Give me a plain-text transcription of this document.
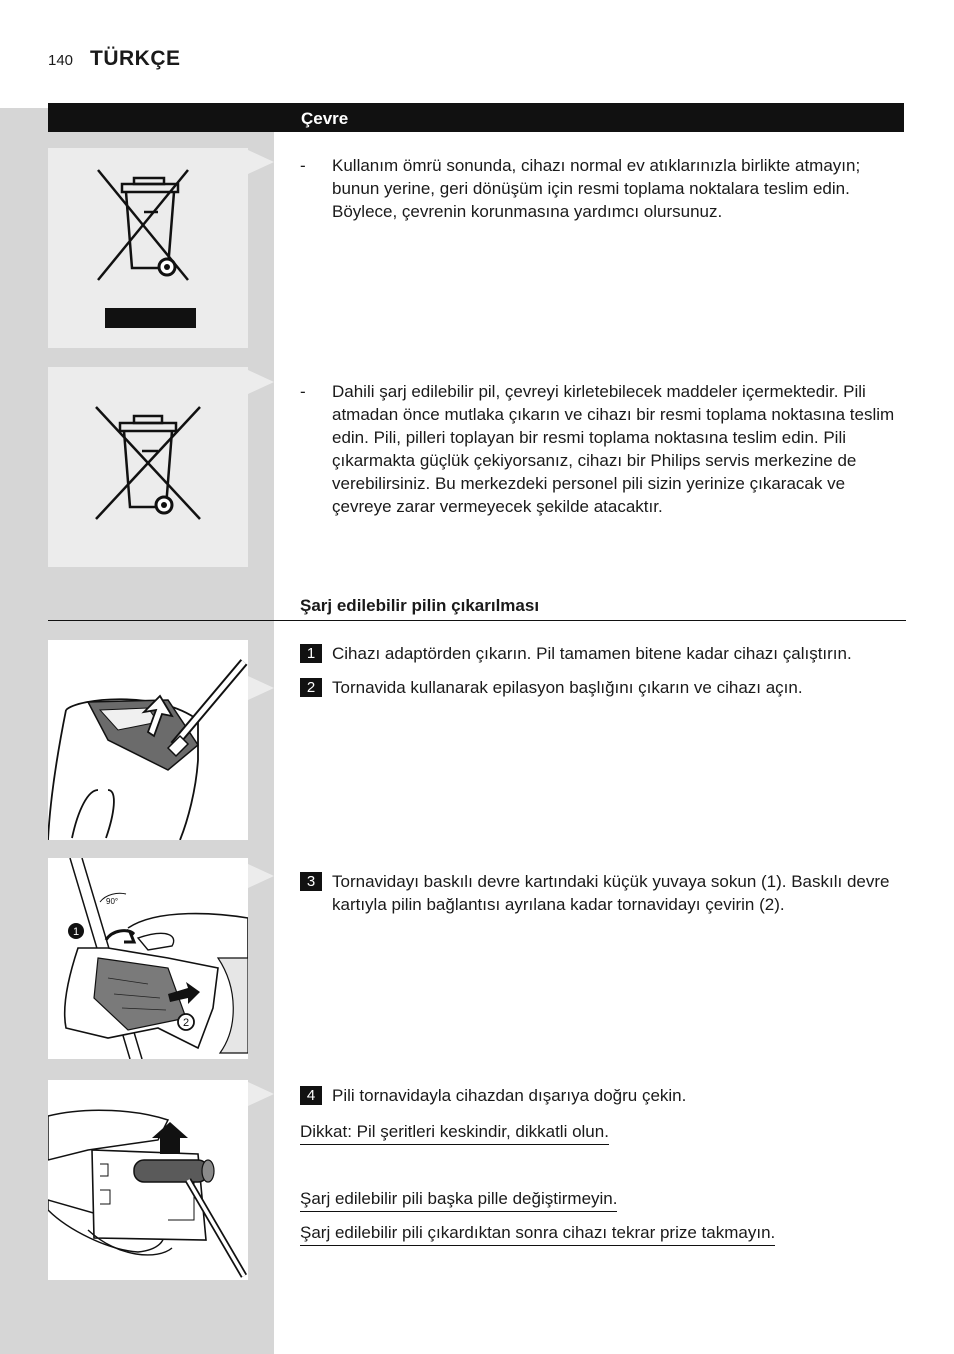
140 TÜRKÇE
Çevre
- Kullanım ömrü sonunda, cihazı normal ev atıklarınızla birlikte atmayın; bunun yerine, geri dönüşüm için resmi toplama noktalara teslim edin. Böylece, çevrenin korunmasına yardımcı olursunuz.
- Dahili şarj edilebilir pil, çevreyi kirletebilecek maddeler içermektedir. Pili atmadan önce mutlaka çıkarın ve cihazı bir resmi toplama noktasına teslim edin. Pili, pilleri toplayan bir resmi toplama noktasına teslim edin. Pili çıkarmakta güçlük çekiyorsanız, cihazı bir Philips servis merkezine de verebilirsiniz. Bu merkezdeki personel pili sizin yerinize çıkaracak ve çevreye zarar vermeyecek şekilde atacaktır.
Şarj edilebilir pilin çıkarılması
1 Cihazı adaptörden çıkarın. Pil tamamen bitene kadar cihazı çalıştırın.
2 Tornavida kullanarak epilasyon başlığını çıkarın ve cihazı açın.
1
2
90°
3 Tornavidayı baskılı devre kartındaki küçük yuvaya sokun (1). Baskılı devre kartıyla pilin bağlantısı ayrılana kadar tornavidayı çevirin (2).
4 Pili tornavidayla cihazdan dışarıya doğru çekin.
Dikkat: Pil şeritleri keskindir, dikkatli olun.
Şarj edilebilir pili başka pille değiştirmeyin.
Şarj edilebilir pili çıkardıktan sonra cihazı tekrar prize takmayın.
